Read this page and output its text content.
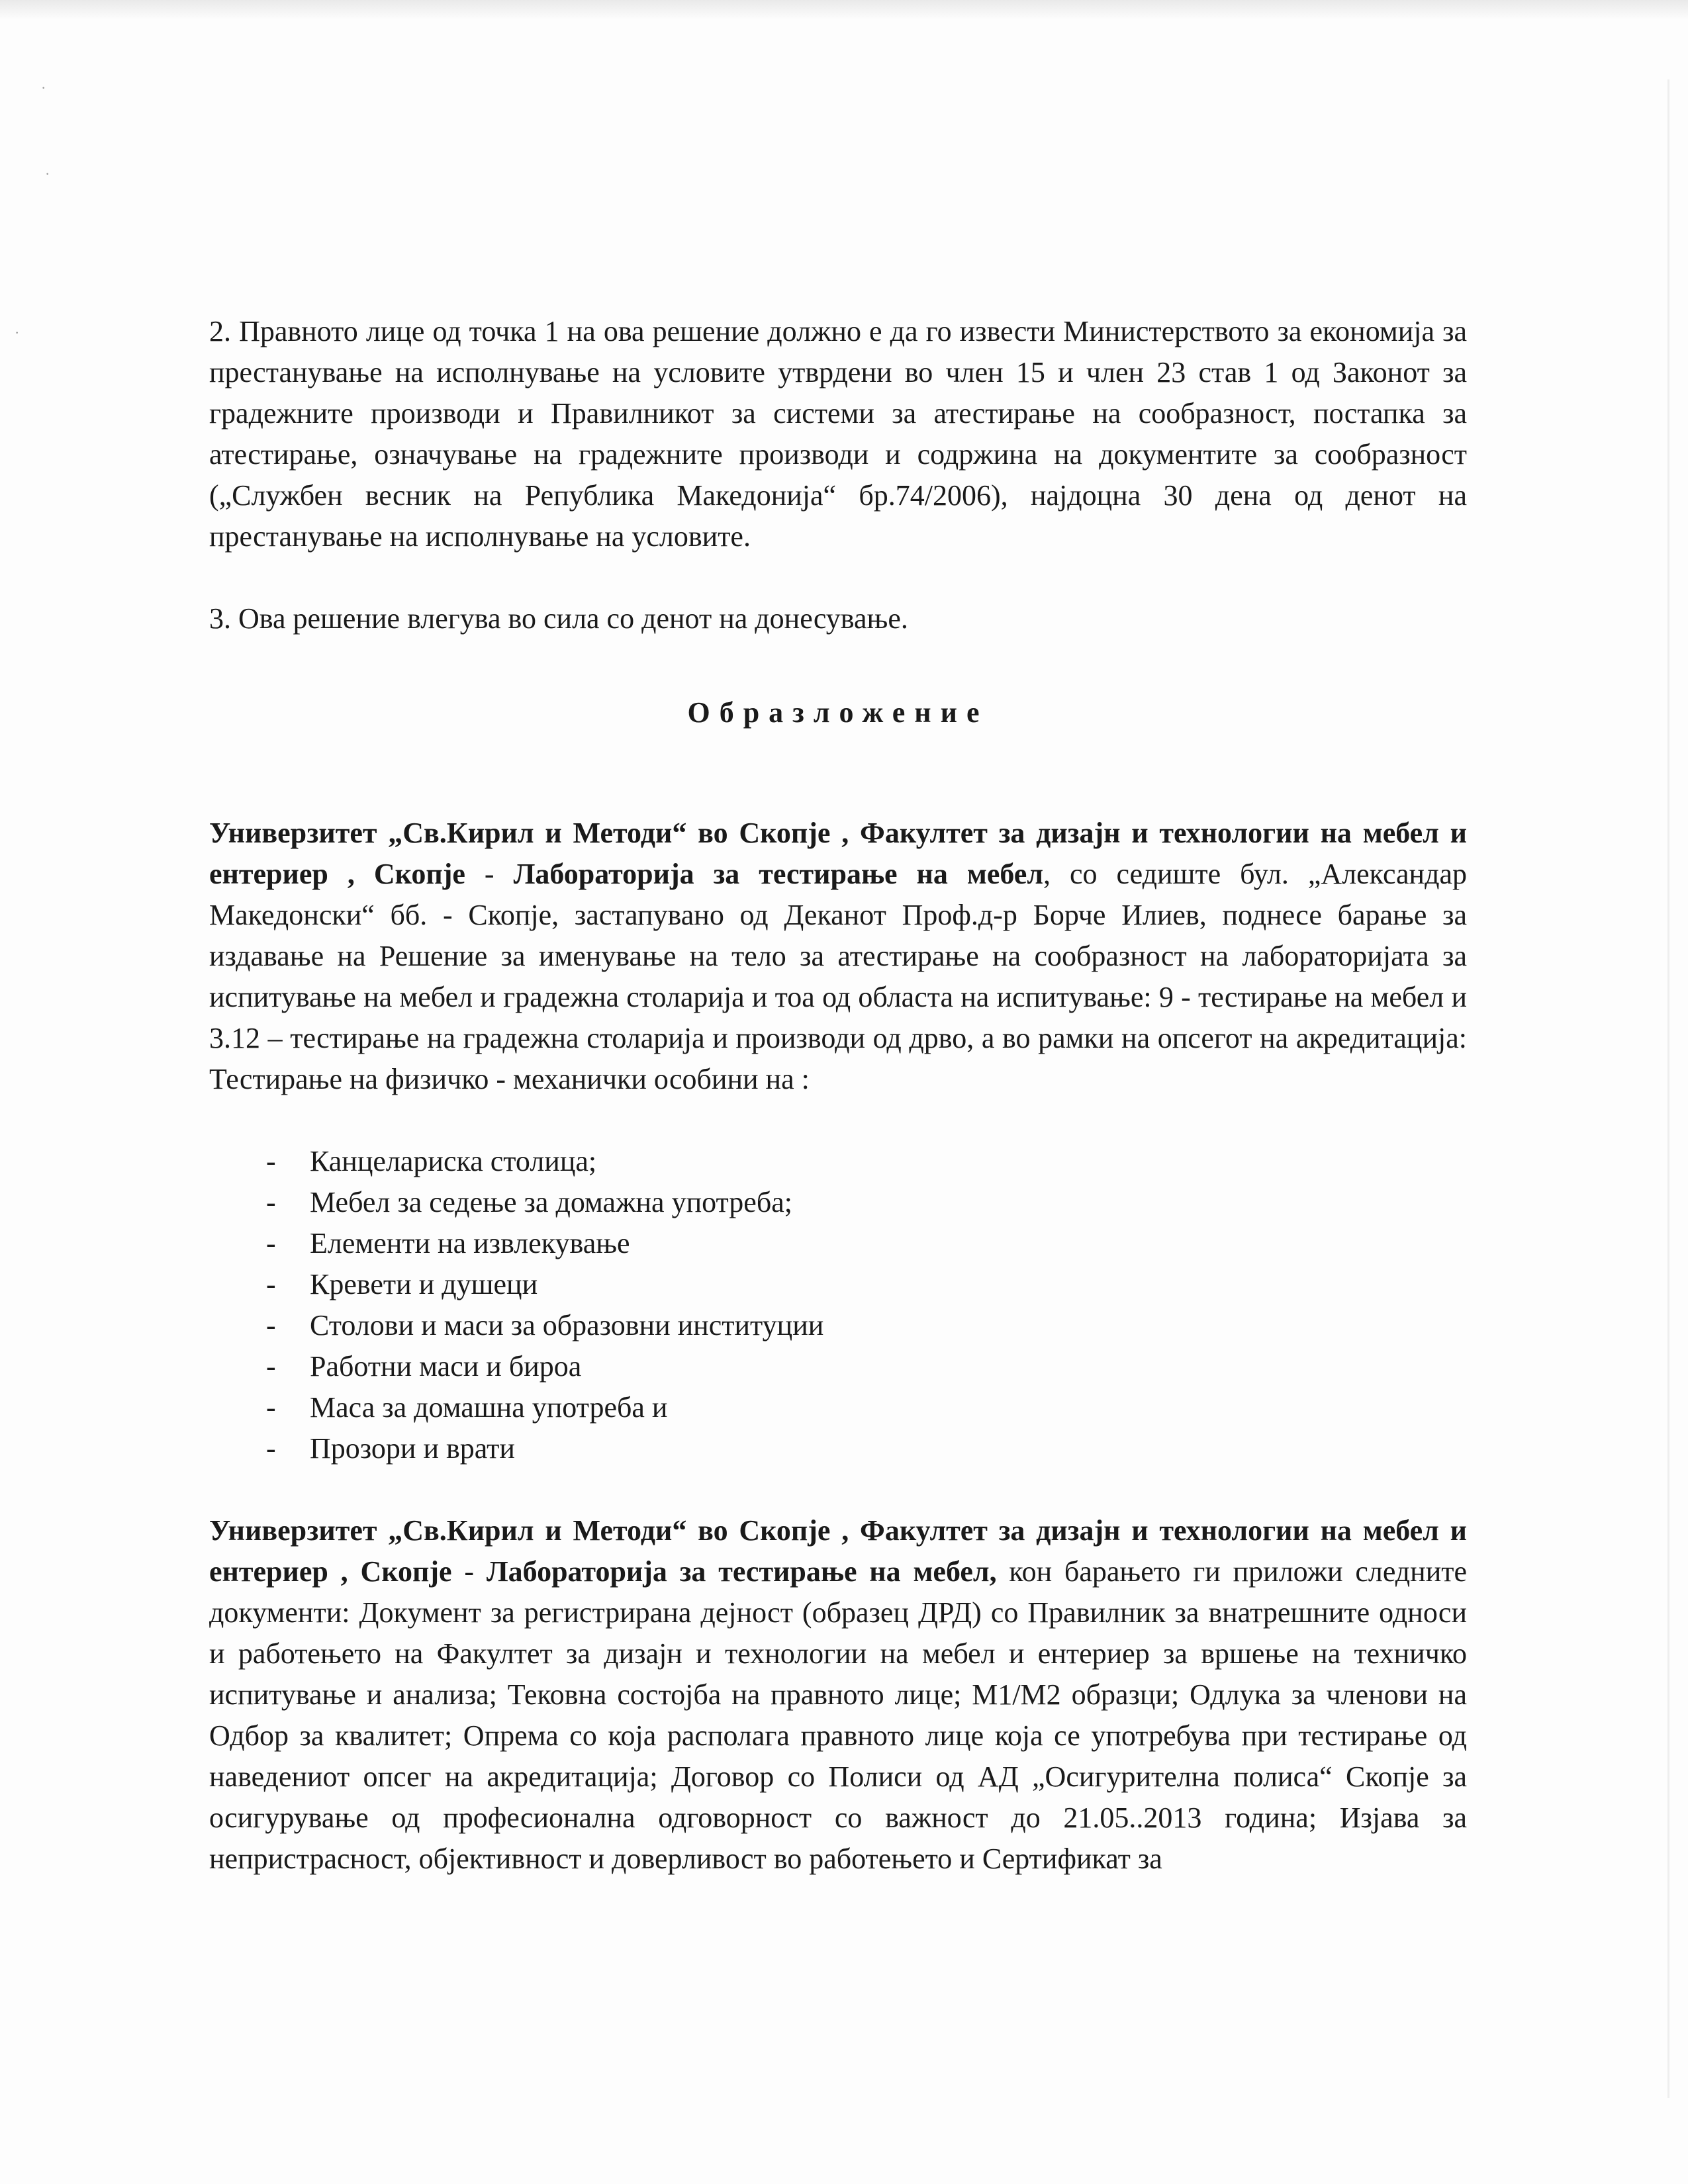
·
·
·	2. Правното лице од точка 1 на ова решение должно е да го извести Министерството за економија за престанување на исполнување на условите утврдени во член 15 и член 23 став 1 од Законот за градежните производи и Правилникот за системи за атестирање на сообразност, постапка за атестирање, означување на градежните производи и содржина на документите за сообразност („Службен весник на Република Македонија“ бр.74/2006), најдоцна 30 дена од денот на престанување на исполнување на условите.

3. Ова решение влегува во сила со денот на донесување.

Образложение

Универзитет „Св.Кирил и Методи“ во Скопје , Факултет за дизајн и технологии на мебел и ентериер , Скопје - Лабораторија за тестирање на мебел, со седиште бул. „Александар Македонски“ бб. - Скопје, застапувано од Деканот Проф.д-р Борче Илиев, поднесе барање за издавање на Решение за именување на тело за атестирање на сообразност на лабораторијата за испитување на мебел и градежна столарија и тоа од областа на испитување: 9 - тестирање на мебел и 3.12 – тестирање на градежна столарија и производи од дрво, а во рамки на опсегот на акредитација: Тестирање на физичко - механички особини на :

- Канцелариска столица;
- Мебел за седење за домажна употреба;
- Елементи на извлекување
- Кревети и душеци
- Столови и маси за образовни институции
- Работни маси и бироа
- Маса за домашна употреба и
- Прозори и врати

Универзитет „Св.Кирил и Методи“ во Скопје , Факултет за дизајн и технологии на мебел и ентериер , Скопје - Лабораторија за тестирање на мебел, кон барањето ги приложи следните документи: Документ за регистрирана дејност (образец ДРД) со Правилник за внатрешните односи и работењето на Факултет за дизајн и технологии на мебел и ентериер за вршење на техничко испитување и анализа; Тековна состојба на правното лице; М1/М2 образци; Одлука за членови на Одбор за квалитет; Опрема со која располага правното лице која се употребува при тестирање од наведениот опсег на акредитација; Договор со Полиси од АД „Осигурителна полиса“ Скопје за осигурување од професионална одговорност со важност до 21.05..2013 година; Изјава за непристрасност, објективност и доверливост во работењето и Сертификат за
